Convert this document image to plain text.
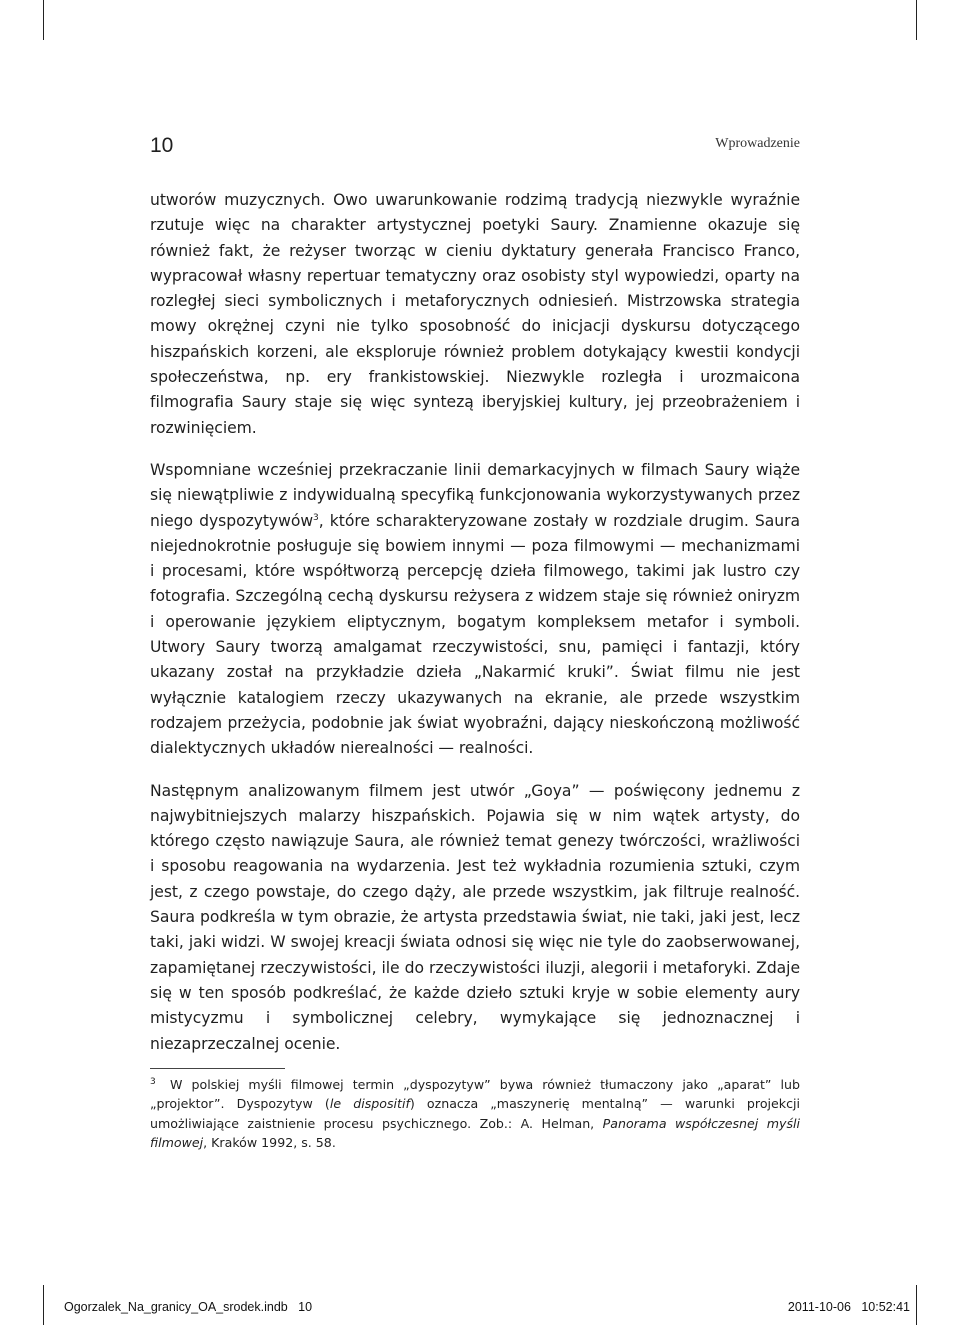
10	Wprowadzenie

utworów muzycznych. Owo uwarunkowanie rodzimą tradycją niezwykle wyraźnie rzutuje więc na charakter artystycznej poetyki Saury. Znamienne okazuje się również fakt, że reżyser tworząc w cieniu dyktatury generała Francisco Franco, wypracował własny repertuar tematyczny oraz osobisty styl wypowiedzi, oparty na rozległej sieci symbolicznych i metaforycznych odniesień. Mistrzowska strategia mowy okrężnej czyni nie tylko sposobność do inicjacji dyskursu dotyczącego hiszpańskich korzeni, ale eksploruje również problem dotykający kwestii kondycji społeczeństwa, np. ery frankistowskiej. Niezwykle rozległa i urozmaicona filmografia Saury staje się więc syntezą iberyjskiej kultury, jej przeobrażeniem i rozwinięciem.

Wspomniane wcześniej przekraczanie linii demarkacyjnych w filmach Saury wiąże się niewątpliwie z indywidualną specyfiką funkcjonowania wykorzystywanych przez niego dyspozytywów$^3$, które scharakteryzowane zostały w rozdziale drugim. Saura niejednokrotnie posługuje się bowiem innymi — poza filmowymi — mechanizmami i procesami, które współtworzą percepcję dzieła filmowego, takimi jak lustro czy fotografia. Szczególną cechą dyskursu reżysera z widzem staje się również oniryzm i operowanie językiem eliptycznym, bogatym kompleksem metafor i symboli. Utwory Saury tworzą amalgamat rzeczywistości, snu, pamięci i fantazji, który ukazany został na przykładzie dzieła „Nakarmić kruki”. Świat filmu nie jest wyłącznie katalogiem rzeczy ukazywanych na ekranie, ale przede wszystkim rodzajem przeżycia, podobnie jak świat wyobraźni, dający nieskończoną możliwość dialektycznych układów nierealności — realności.

Następnym analizowanym filmem jest utwór „Goya” — poświęcony jednemu z najwybitniejszych malarzy hiszpańskich. Pojawia się w nim wątek artysty, do którego często nawiązuje Saura, ale również temat genezy twórczości, wrażliwości i sposobu reagowania na wydarzenia. Jest też wykładnia rozumienia sztuki, czym jest, z czego powstaje, do czego dąży, ale przede wszystkim, jak filtruje realność. Saura podkreśla w tym obrazie, że artysta przedstawia świat, nie taki, jaki jest, lecz taki, jaki widzi. W swojej kreacji świata odnosi się więc nie tyle do zaobserwowanej, zapamiętanej rzeczywistości, ile do rzeczywistości iluzji, alegorii i metaforyki. Zdaje się w ten sposób podkreślać, że każde dzieło sztuki kryje w sobie elementy aury mistycyzmu i symbolicznej celebry, wymykające się jednoznacznej i niezaprzeczalnej ocenie.

$^3$ W polskiej myśli filmowej termin „dyspozytyw” bywa również tłumaczony jako „aparat” lub „projektor”. Dyspozytyw (le dispositif) oznacza „maszynerię mentalną” — warunki projekcji umożliwiające zaistnienie procesu psychicznego. Zob.: A. Helman, Panorama współczesnej myśli filmowej, Kraków 1992, s. 58.

Ogorzalek_Na_granicy_OA_srodek.indb   10	2011-10-06   10:52:41
